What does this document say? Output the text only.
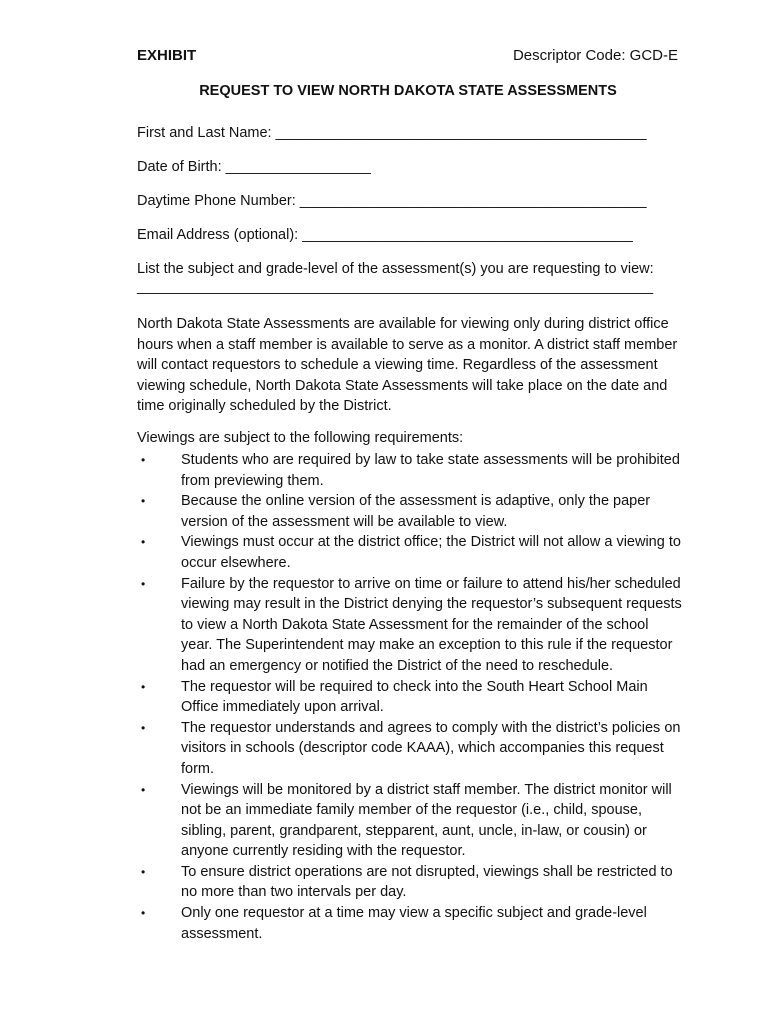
EXHIBIT	Descriptor Code: GCD-E
REQUEST TO VIEW NORTH DAKOTA STATE ASSESSMENTS
First and Last Name: ______________________________________________
Date of Birth: __________________
Daytime Phone Number: ___________________________________________
Email Address (optional): _________________________________________
List the subject and grade-level of the assessment(s) you are requesting to view:
________________________________________________________________
North Dakota State Assessments are available for viewing only during district office hours when a staff member is available to serve as a monitor. A district staff member will contact requestors to schedule a viewing time. Regardless of the assessment viewing schedule, North Dakota State Assessments will take place on the date and time originally scheduled by the District.
Viewings are subject to the following requirements:
• Students who are required by law to take state assessments will be prohibited from previewing them.
• Because the online version of the assessment is adaptive, only the paper version of the assessment will be available to view.
• Viewings must occur at the district office; the District will not allow a viewing to occur elsewhere.
• Failure by the requestor to arrive on time or failure to attend his/her scheduled viewing may result in the District denying the requestor’s subsequent requests to view a North Dakota State Assessment for the remainder of the school year. The Superintendent may make an exception to this rule if the requestor had an emergency or notified the District of the need to reschedule.
• The requestor will be required to check into the South Heart School Main Office immediately upon arrival.
• The requestor understands and agrees to comply with the district’s policies on visitors in schools (descriptor code KAAA), which accompanies this request form.
• Viewings will be monitored by a district staff member. The district monitor will not be an immediate family member of the requestor (i.e., child, spouse, sibling, parent, grandparent, stepparent, aunt, uncle, in-law, or cousin) or anyone currently residing with the requestor.
• To ensure district operations are not disrupted, viewings shall be restricted to no more than two intervals per day.
• Only one requestor at a time may view a specific subject and grade-level assessment.
